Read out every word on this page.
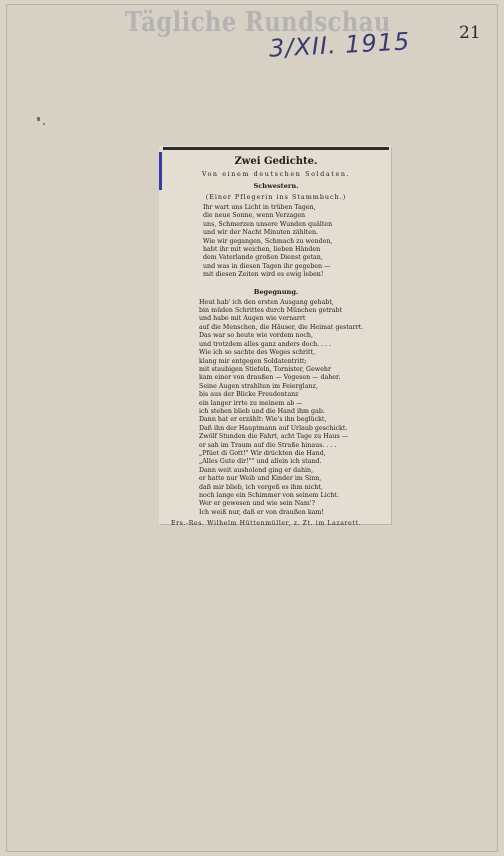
Tägliche Rundschau
3/XII. 1915	21
Zwei Gedichte.
Von einem deutschen Soldaten.
Schwestern.
(Einer Pflegerin ins Stammbuch.)
Ihr wart uns Licht in trüben Tagen,
die neue Sonne, wenn Verzagen
uns, Schmerzen unsere Wunden quälten
und wir der Nacht Minuten zählten.
Wie wir gegangen, Schmach zu wenden,
habt ihr mit weichen, lieben Händen
dem Vaterlande großen Dienst getan,
und was in diesen Tagen ihr gegeben —
mit diesen Zeiten wird es ewig leben!
Begegnung.
Heut hab' ich den ersten Ausgang gehabt,
bin müden Schrittes durch München getrabt
und habe mit Augen wie vernarrt
auf die Menschen, die Häuser, die Heimat gestarrt.
Das war so heute wie vordem noch,
und trotzdem alles ganz anders doch. . . .
Wie ich so sachte des Weges schritt,
klang mir entgegen Soldatentritt;
mit staubigen Stiefeln, Tornister, Gewehr
kam einer von draußen — Vogesen — daher.
Seine Augen strahlten im Feierglanz,
bis aus der Blicke Freudentanz
ein langer irrte zu meinem ab —
ich stehen blieb und die Hand ihm gab.
Dann hat er erzählt: Wie's ihn beglückt,
Daß ihn der Hauptmann auf Urlaub geschickt.
Zwölf Stunden die Fahrt, acht Tage zu Haus —
er sah im Traum auf die Straße hinaus. . . .
„Pfüet di Gott!" Wir drückten die Hand,
„Alles Gute dir!"" und allein ich stand.
Dann weit ausholend ging er dahin,
er hatte nur Weib und Kinder im Sinn,
daß mir blieb, ich vergeß es ihm nicht,
noch lange ein Schimmer von seinem Licht.
Wer er gewesen und wie sein Nam'?
Ich weiß nur, daß er von draußen kam!
Ers.-Res. Wilhelm Hüttenmüller, z. Zt. im Lazarett.
